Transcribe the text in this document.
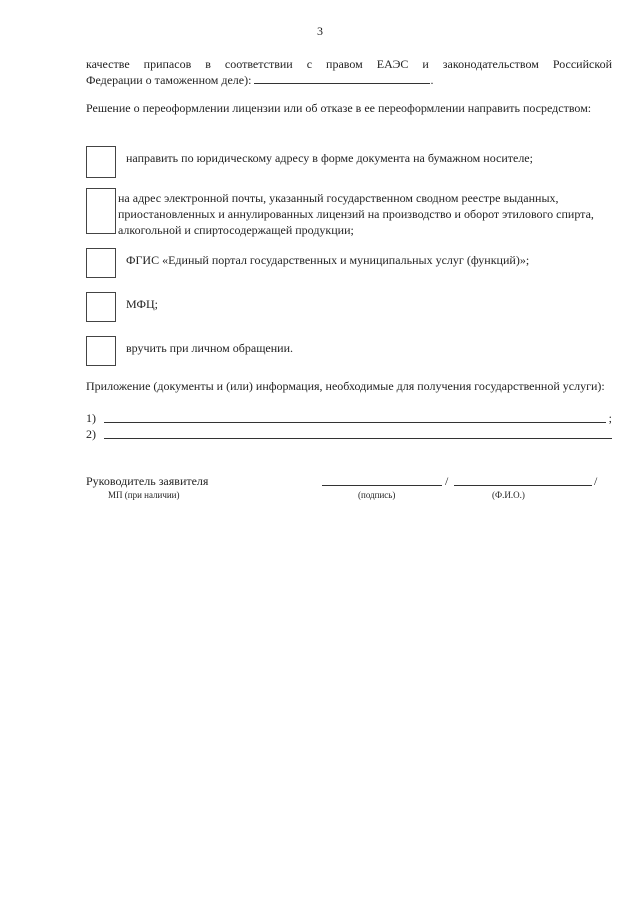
3
качестве припасов в соответствии с правом ЕАЭС и законодательством Российской
Федерации о таможенном деле):	.
Решение о переоформлении лицензии или об отказе в ее переоформлении направить посредством:
направить по юридическому адресу в форме документа на бумажном носителе;
на адрес электронной почты, указанный государственном сводном реестре выданных, приостановленных и аннулированных лицензий на производство и оборот этилового спирта, алкогольной и спиртосодержащей продукции;
ФГИС «Единый портал государственных и муниципальных услуг (функций)»;
МФЦ;
вручить при личном обращении.
Приложение (документы и (или) информация, необходимые для получения государственной услуги):
1)	;
2)
Руководитель заявителя	/	/
МП (при наличии)	(подпись)	(Ф.И.О.)
